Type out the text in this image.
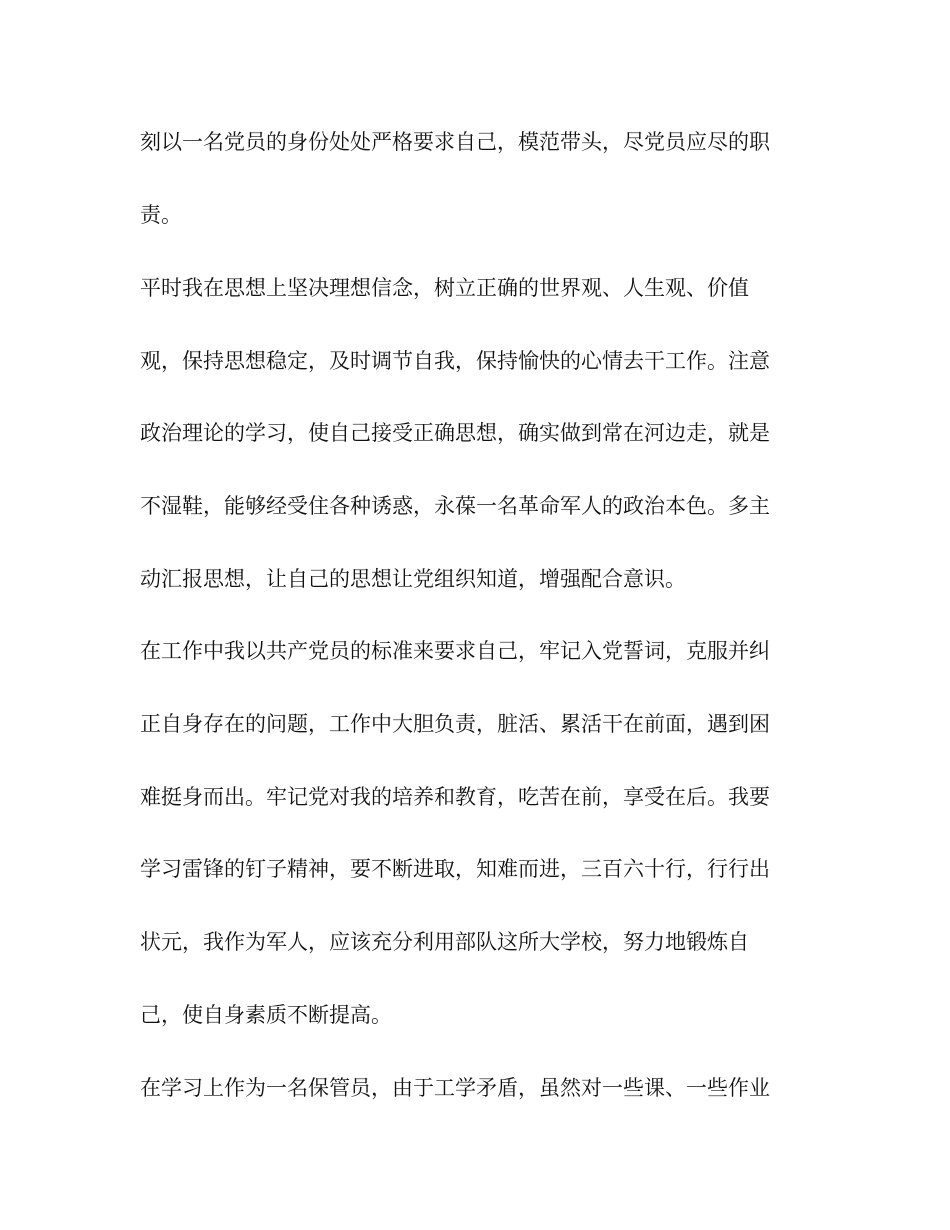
刻以一名党员的身份处处严格要求自己，模范带头，尽党员应尽的职
责。
平时我在思想上坚决理想信念，树立正确的世界观、人生观、价值
观，保持思想稳定，及时调节自我，保持愉快的心情去干工作。注意
政治理论的学习，使自己接受正确思想，确实做到常在河边走，就是
不湿鞋，能够经受住各种诱惑，永葆一名革命军人的政治本色。多主
动汇报思想，让自己的思想让党组织知道，增强配合意识。
在工作中我以共产党员的标准来要求自己，牢记入党誓词，克服并纠
正自身存在的问题，工作中大胆负责，脏活、累活干在前面，遇到困
难挺身而出。牢记党对我的培养和教育，吃苦在前，享受在后。我要
学习雷锋的钉子精神，要不断进取，知难而进，三百六十行，行行出
状元，我作为军人，应该充分利用部队这所大学校，努力地锻炼自
己，使自身素质不断提高。
在学习上作为一名保管员，由于工学矛盾，虽然对一些课、一些作业
